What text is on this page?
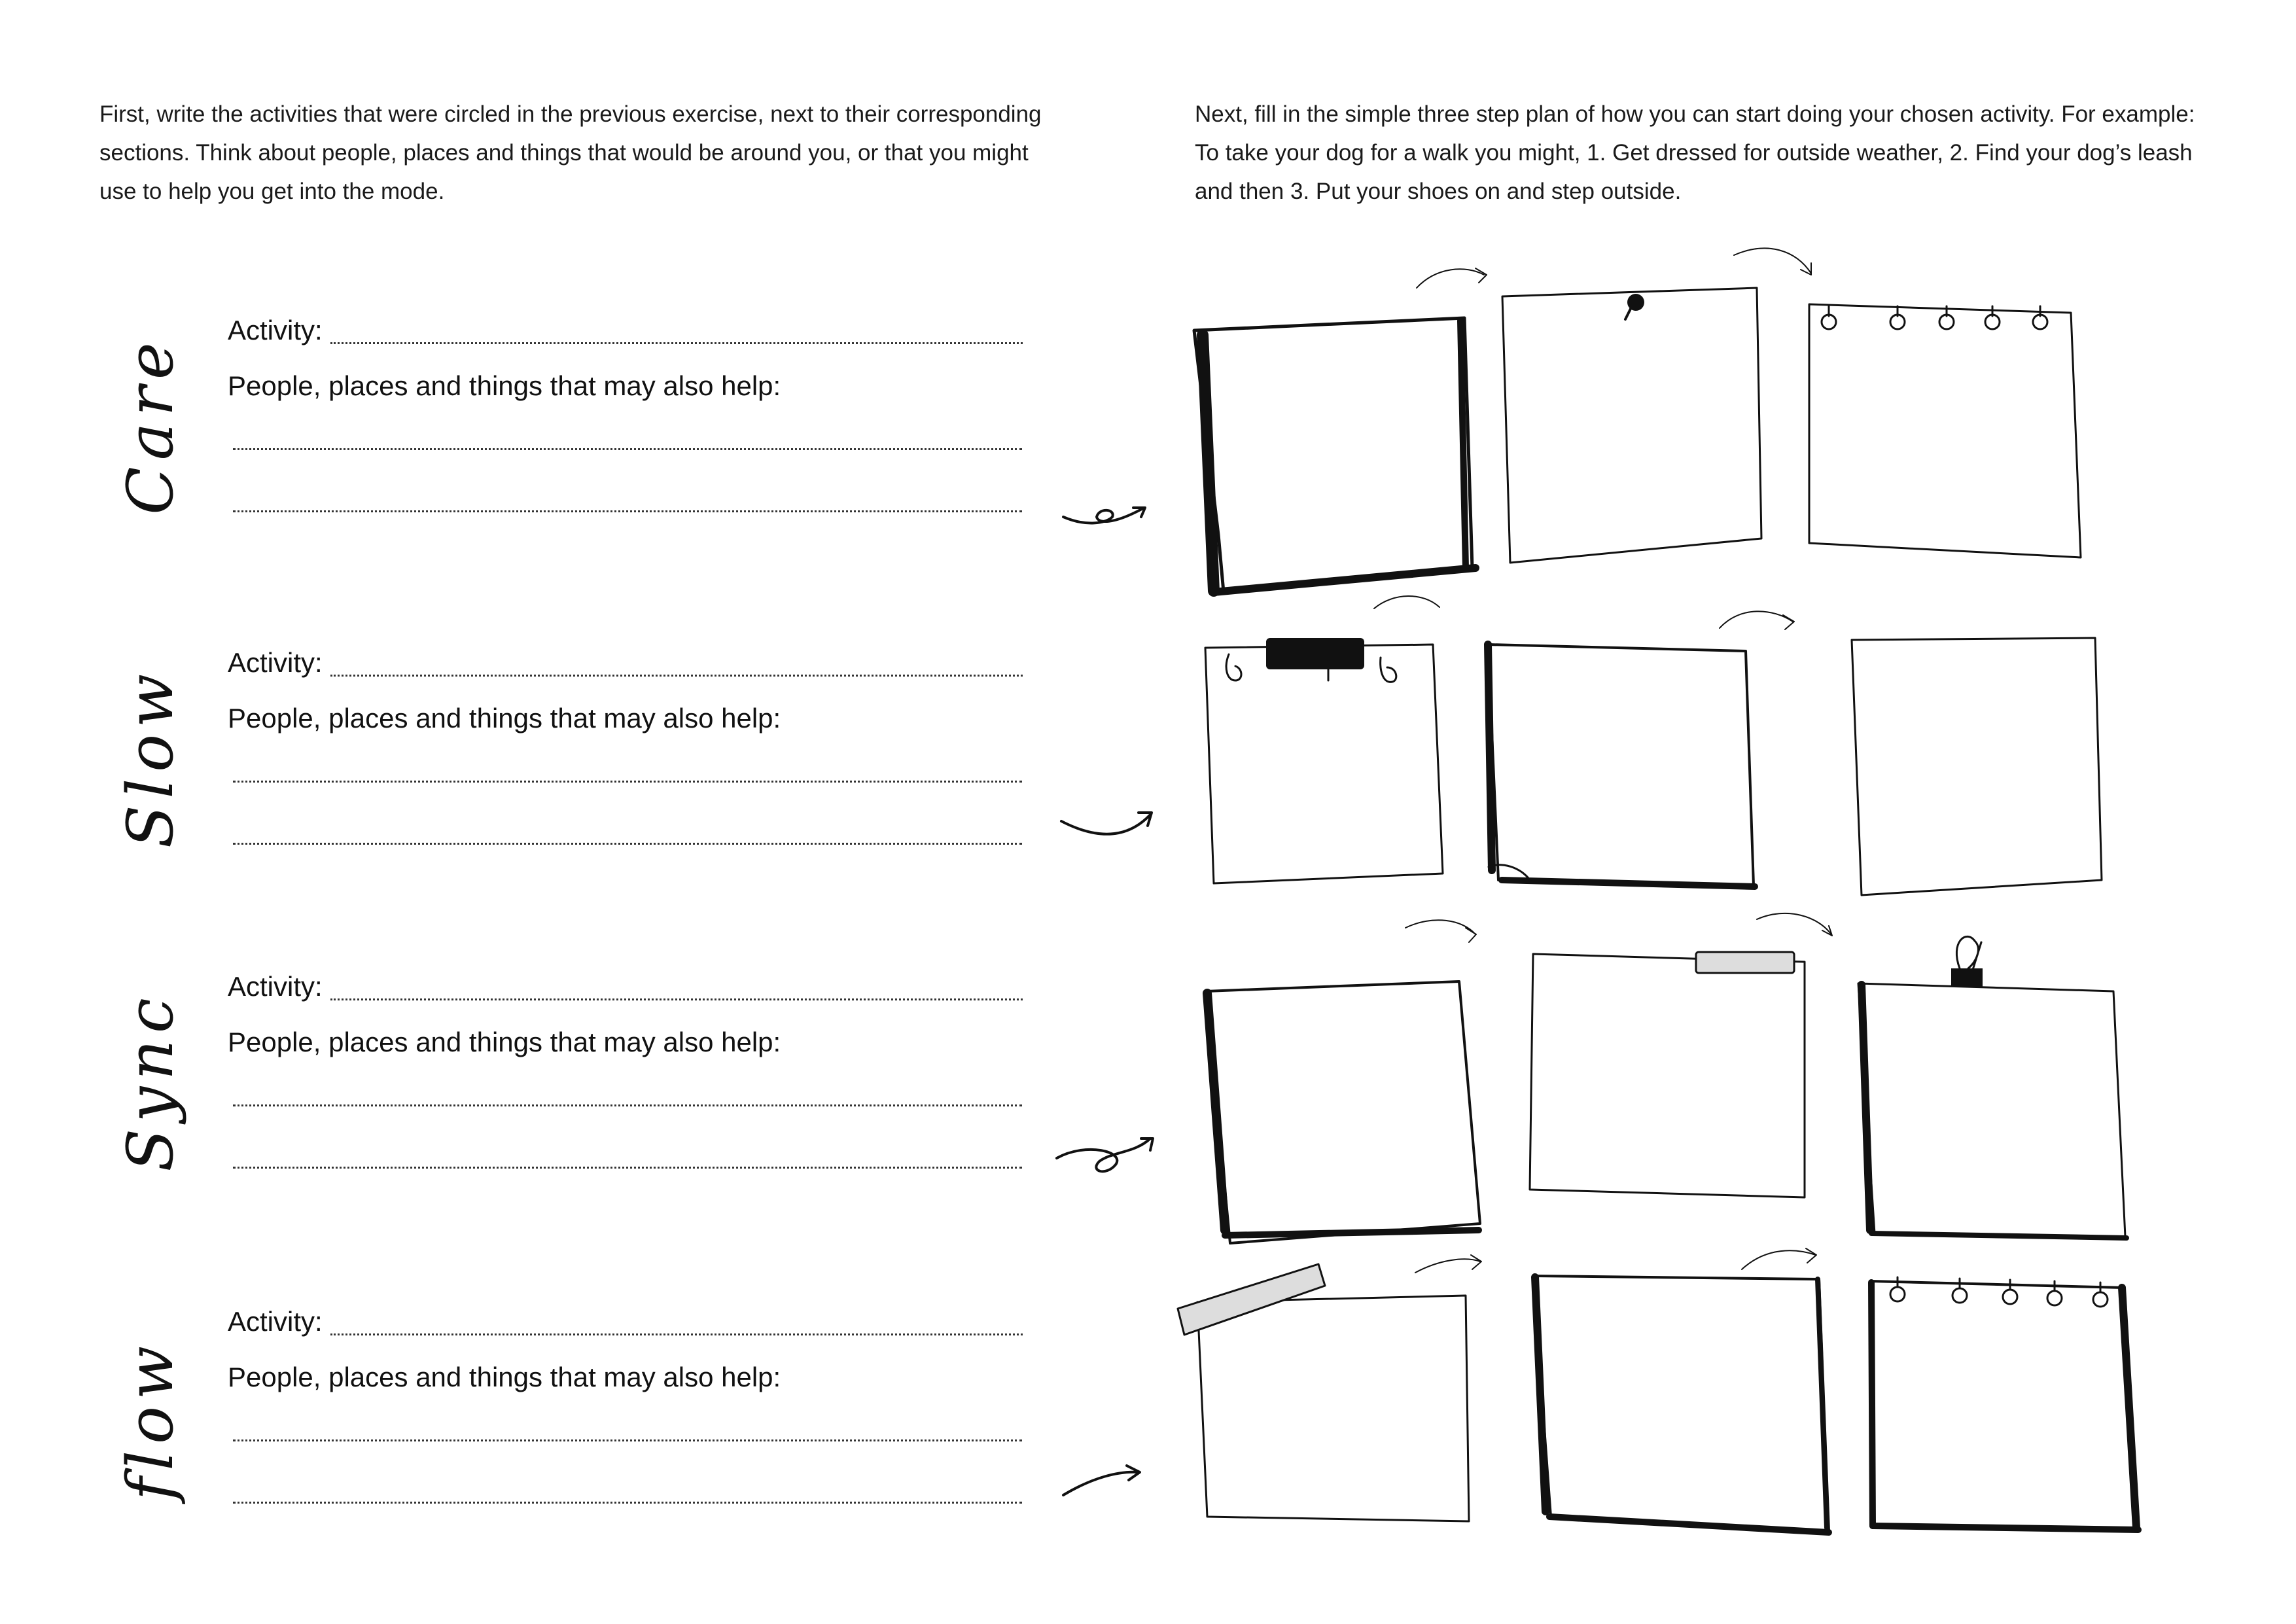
First, write the activities that were circled in the previous exercise, next to their corresponding sections. Think about people, places and things that would be around you, or that you might use to help you get into the mode.
Next, fill in the simple three step plan of how you can start doing your chosen activity. For example: To take your dog for a walk you might, 1. Get dressed for outside weather, 2. Find your dog’s leash and then 3. Put your shoes on and step outside.
Care
Activity:
People, places and things that may also help:
Slow
Activity:
People, places and things that may also help:
Sync
Activity:
People, places and things that may also help:
flow
Activity:
People, places and things that may also help:
